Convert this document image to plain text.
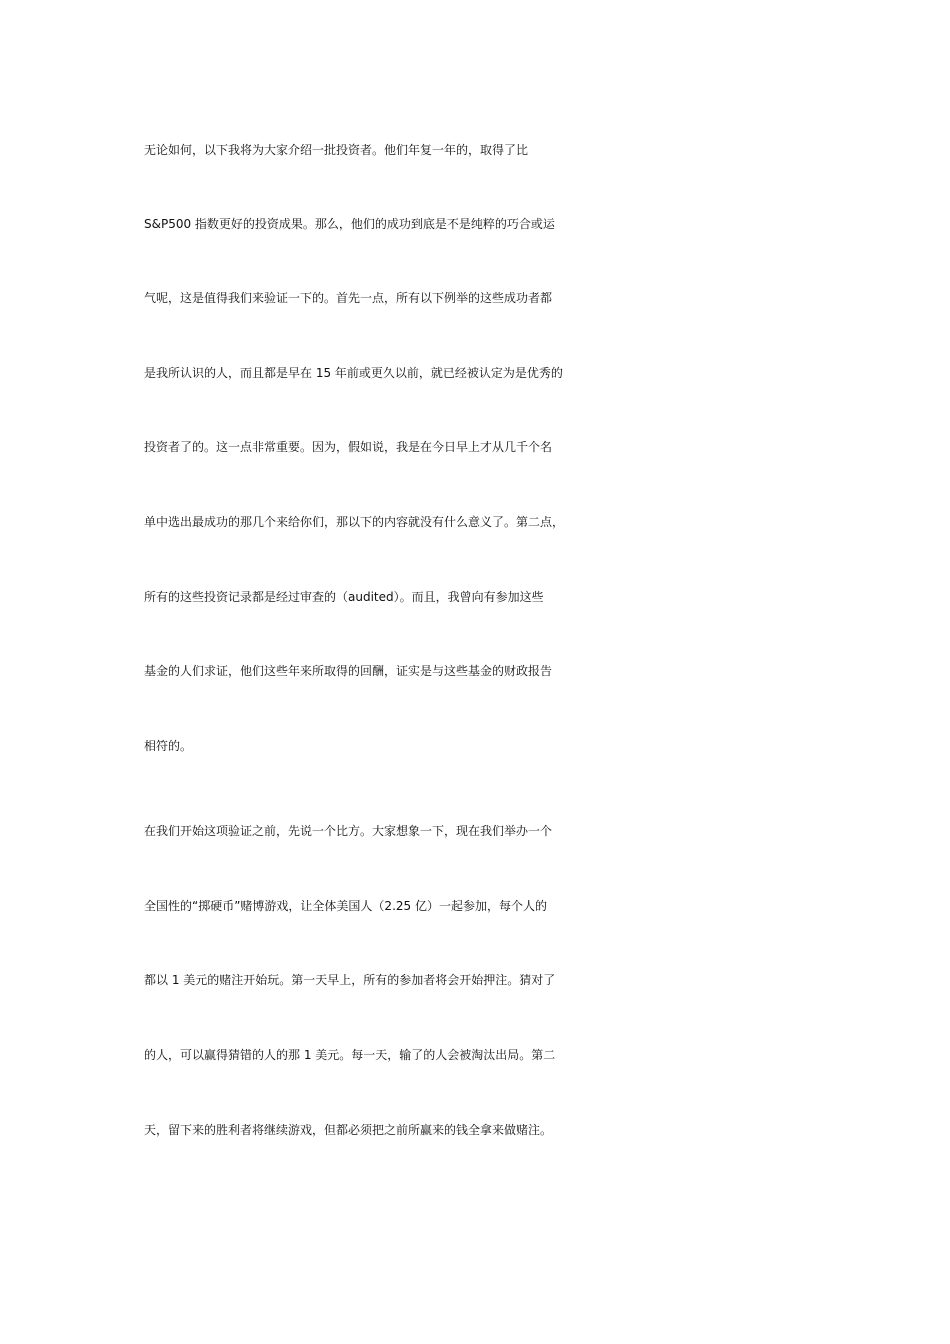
无论如何，以下我将为大家介绍一批投资者。他们年复一年的，取得了比
S&P500 指数更好的投资成果。那么，他们的成功到底是不是纯粹的巧合或运
气呢，这是值得我们来验证一下的。首先一点，所有以下例举的这些成功者都
是我所认识的人，而且都是早在 15 年前或更久以前，就已经被认定为是优秀的
投资者了的。这一点非常重要。因为，假如说，我是在今日早上才从几千个名
单中选出最成功的那几个来给你们，那以下的内容就没有什么意义了。第二点，
所有的这些投资记录都是经过审查的（audited）。而且，我曾向有参加这些
基金的人们求证，他们这些年来所取得的回酬，证实是与这些基金的财政报告
相符的。
在我们开始这项验证之前，先说一个比方。大家想象一下，现在我们举办一个
全国性的“掷硬币”赌博游戏，让全体美国人（2.25 亿）一起参加，每个人的
都以 1 美元的赌注开始玩。第一天早上，所有的参加者将会开始押注。猜对了
的人，可以赢得猜错的人的那 1 美元。每一天，输了的人会被淘汰出局。第二
天，留下来的胜利者将继续游戏，但都必须把之前所赢来的钱全拿来做赌注。
